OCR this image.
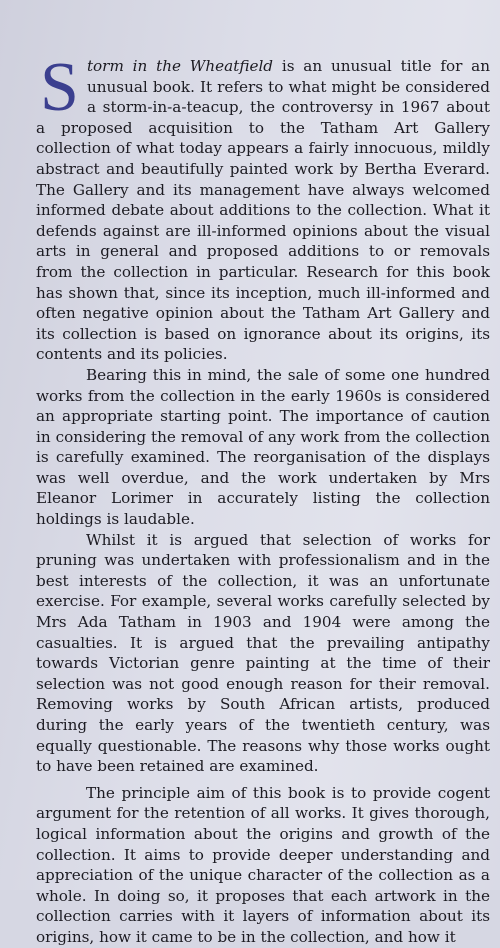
Storm in the Wheatfield is an unusual title for an unusual book. It refers to what might be considered a storm-in-a-teacup, the controversy in 1967 about a proposed acquisition to the Tatham Art Gallery collection of what today appears a fairly innocuous, mildly abstract and beautifully painted work by Bertha Everard. The Gallery and its management have always welcomed informed debate about additions to the collection. What it defends against are ill-informed opinions about the visual arts in general and proposed additions to or removals from the collection in particular. Research for this book has shown that, since its inception, much ill-informed and often negative opinion about the Tatham Art Gallery and its collection is based on ignorance about its origins, its contents and its policies.

Bearing this in mind, the sale of some one hundred works from the collection in the early 1960s is considered an appropriate starting point. The importance of caution in considering the removal of any work from the collection is carefully examined. The reorganisation of the displays was well overdue, and the work undertaken by Mrs Eleanor Lorimer in accurately listing the collection holdings is laudable.

Whilst it is argued that selection of works for pruning was undertaken with professionalism and in the best interests of the collection, it was an unfortunate exercise. For example, several works carefully selected by Mrs Ada Tatham in 1903 and 1904 were among the casualties. It is argued that the prevailing antipathy towards Victorian genre painting at the time of their selection was not good enough reason for their removal. Removing works by South African artists, produced during the early years of the twentieth century, was equally questionable. The reasons why those works ought to have been retained are examined.

The principle aim of this book is to provide cogent argument for the retention of all works. It gives thorough, logical information about the origins and growth of the collection. It aims to provide deeper understanding and appreciation of the unique character of the collection as a whole. In doing so, it proposes that each artwork in the collection carries with it layers of information about its origins, how it came to be in the collection, and how it
